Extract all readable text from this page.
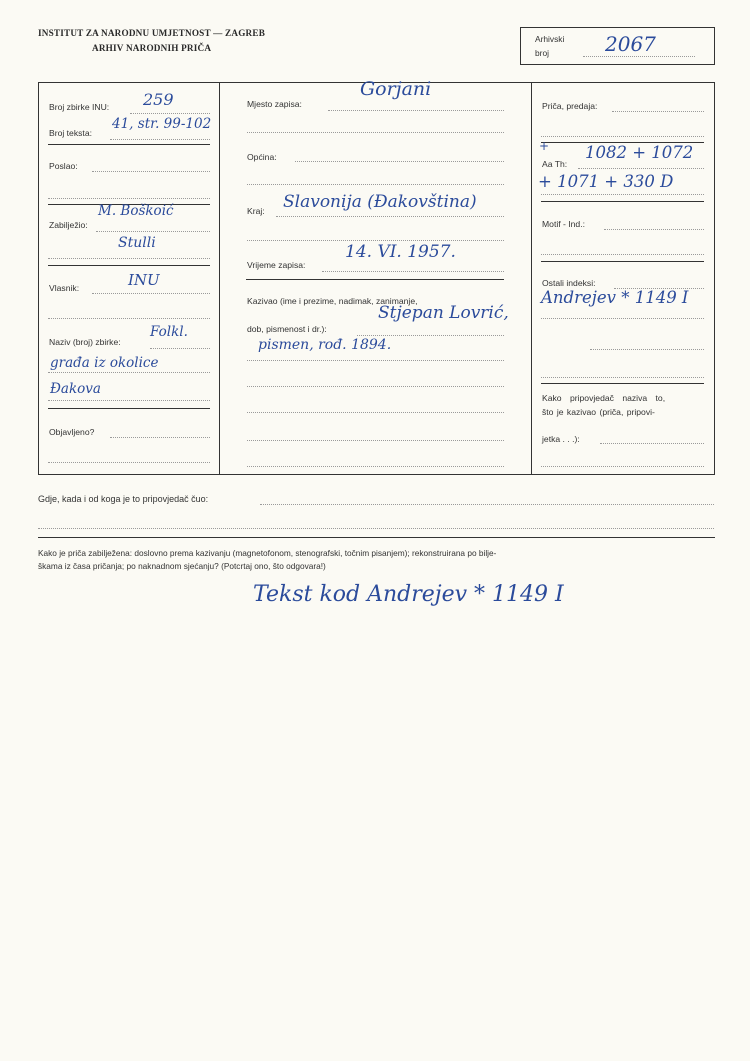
INSTITUT ZA NARODNU UMJETNOST — ZAGREB
ARHIV NARODNIH PRIČA
Arhivski
broj	2067
Broj zbirke INU: 259
Broj teksta:
41, str. 99-102
Poslao:
Zabilježio:
M. Boškoić
Stulli
Vlasnik:	INU
Naziv (broj) zbirke:
Folkl.
građa iz okolice
Đakova
Objavljeno?
Mjesto zapisa:
Gorjani
Općina:
Kraj: Slavonija (Đakovština)
Vrijeme zapisa:
14. VI. 1957.
Kazivao (ime i prezime, nadimak, zanimanje,
dob, pismenost i dr.):
Stjepan Lovrić,
pismen, rođ. 1894.
Priča, predaja:
+
Aa Th:
1082 + 1072
+ 1071 + 330 D
Motif - Ind.:
Ostali indeksi:
Andrejev * 1149 I
Kako pripovjedač naziva to,
što je kazivao (priča, pripovi-
jetka . . .):
Gdje, kada i od koga je to pripovjedač čuo:
Kako je priča zabilježena: doslovno prema kazivanju (magnetofonom, stenografski, točnim pisanjem); rekonstruirana po bilje-
škama iz časa pričanja; po naknadnom sjećanju? (Potcrtaj ono, što odgovara!)
Tekst kod Andrejev * 1149 I
